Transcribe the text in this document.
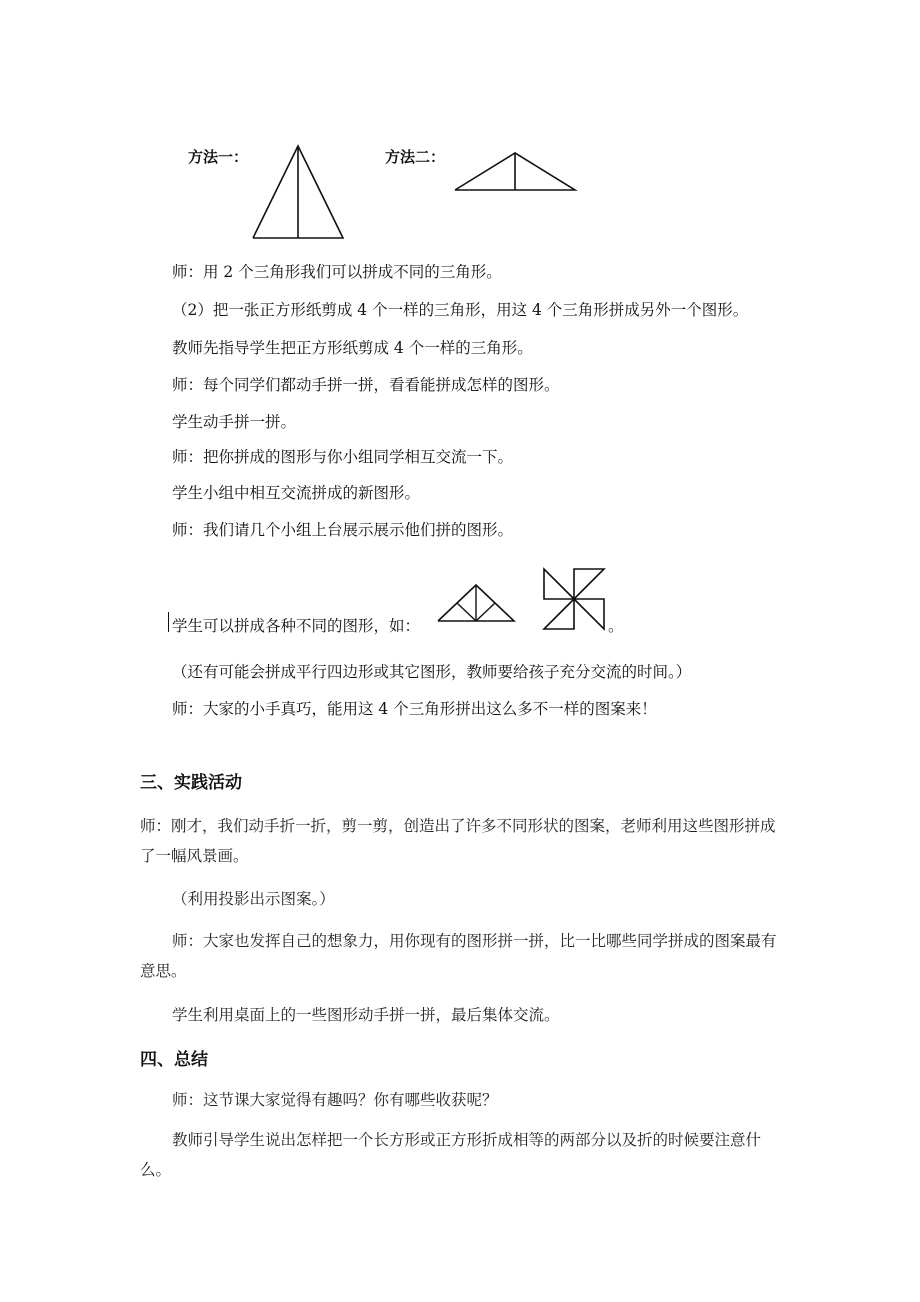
方法一：	方法二：
师：用 2 个三角形我们可以拼成不同的三角形。
（2）把一张正方形纸剪成 4 个一样的三角形，用这 4 个三角形拼成另外一个图形。
教师先指导学生把正方形纸剪成 4 个一样的三角形。
师：每个同学们都动手拼一拼，看看能拼成怎样的图形。
学生动手拼一拼。
师：把你拼成的图形与你小组同学相互交流一下。
学生小组中相互交流拼成的新图形。
师：我们请几个小组上台展示展示他们拼的图形。
学生可以拼成各种不同的图形，如：	。
（还有可能会拼成平行四边形或其它图形，教师要给孩子充分交流的时间。）
师：大家的小手真巧，能用这 4 个三角形拼出这么多不一样的图案来！
三、实践活动
师：刚才，我们动手折一折，剪一剪，创造出了许多不同形状的图案，老师利用这些图形拼成了一幅风景画。
（利用投影出示图案。）
师：大家也发挥自己的想象力，用你现有的图形拼一拼，比一比哪些同学拼成的图案最有意思。
学生利用桌面上的一些图形动手拼一拼，最后集体交流。
四、总结
师：这节课大家觉得有趣吗？你有哪些收获呢？
教师引导学生说出怎样把一个长方形或正方形折成相等的两部分以及折的时候要注意什么。
